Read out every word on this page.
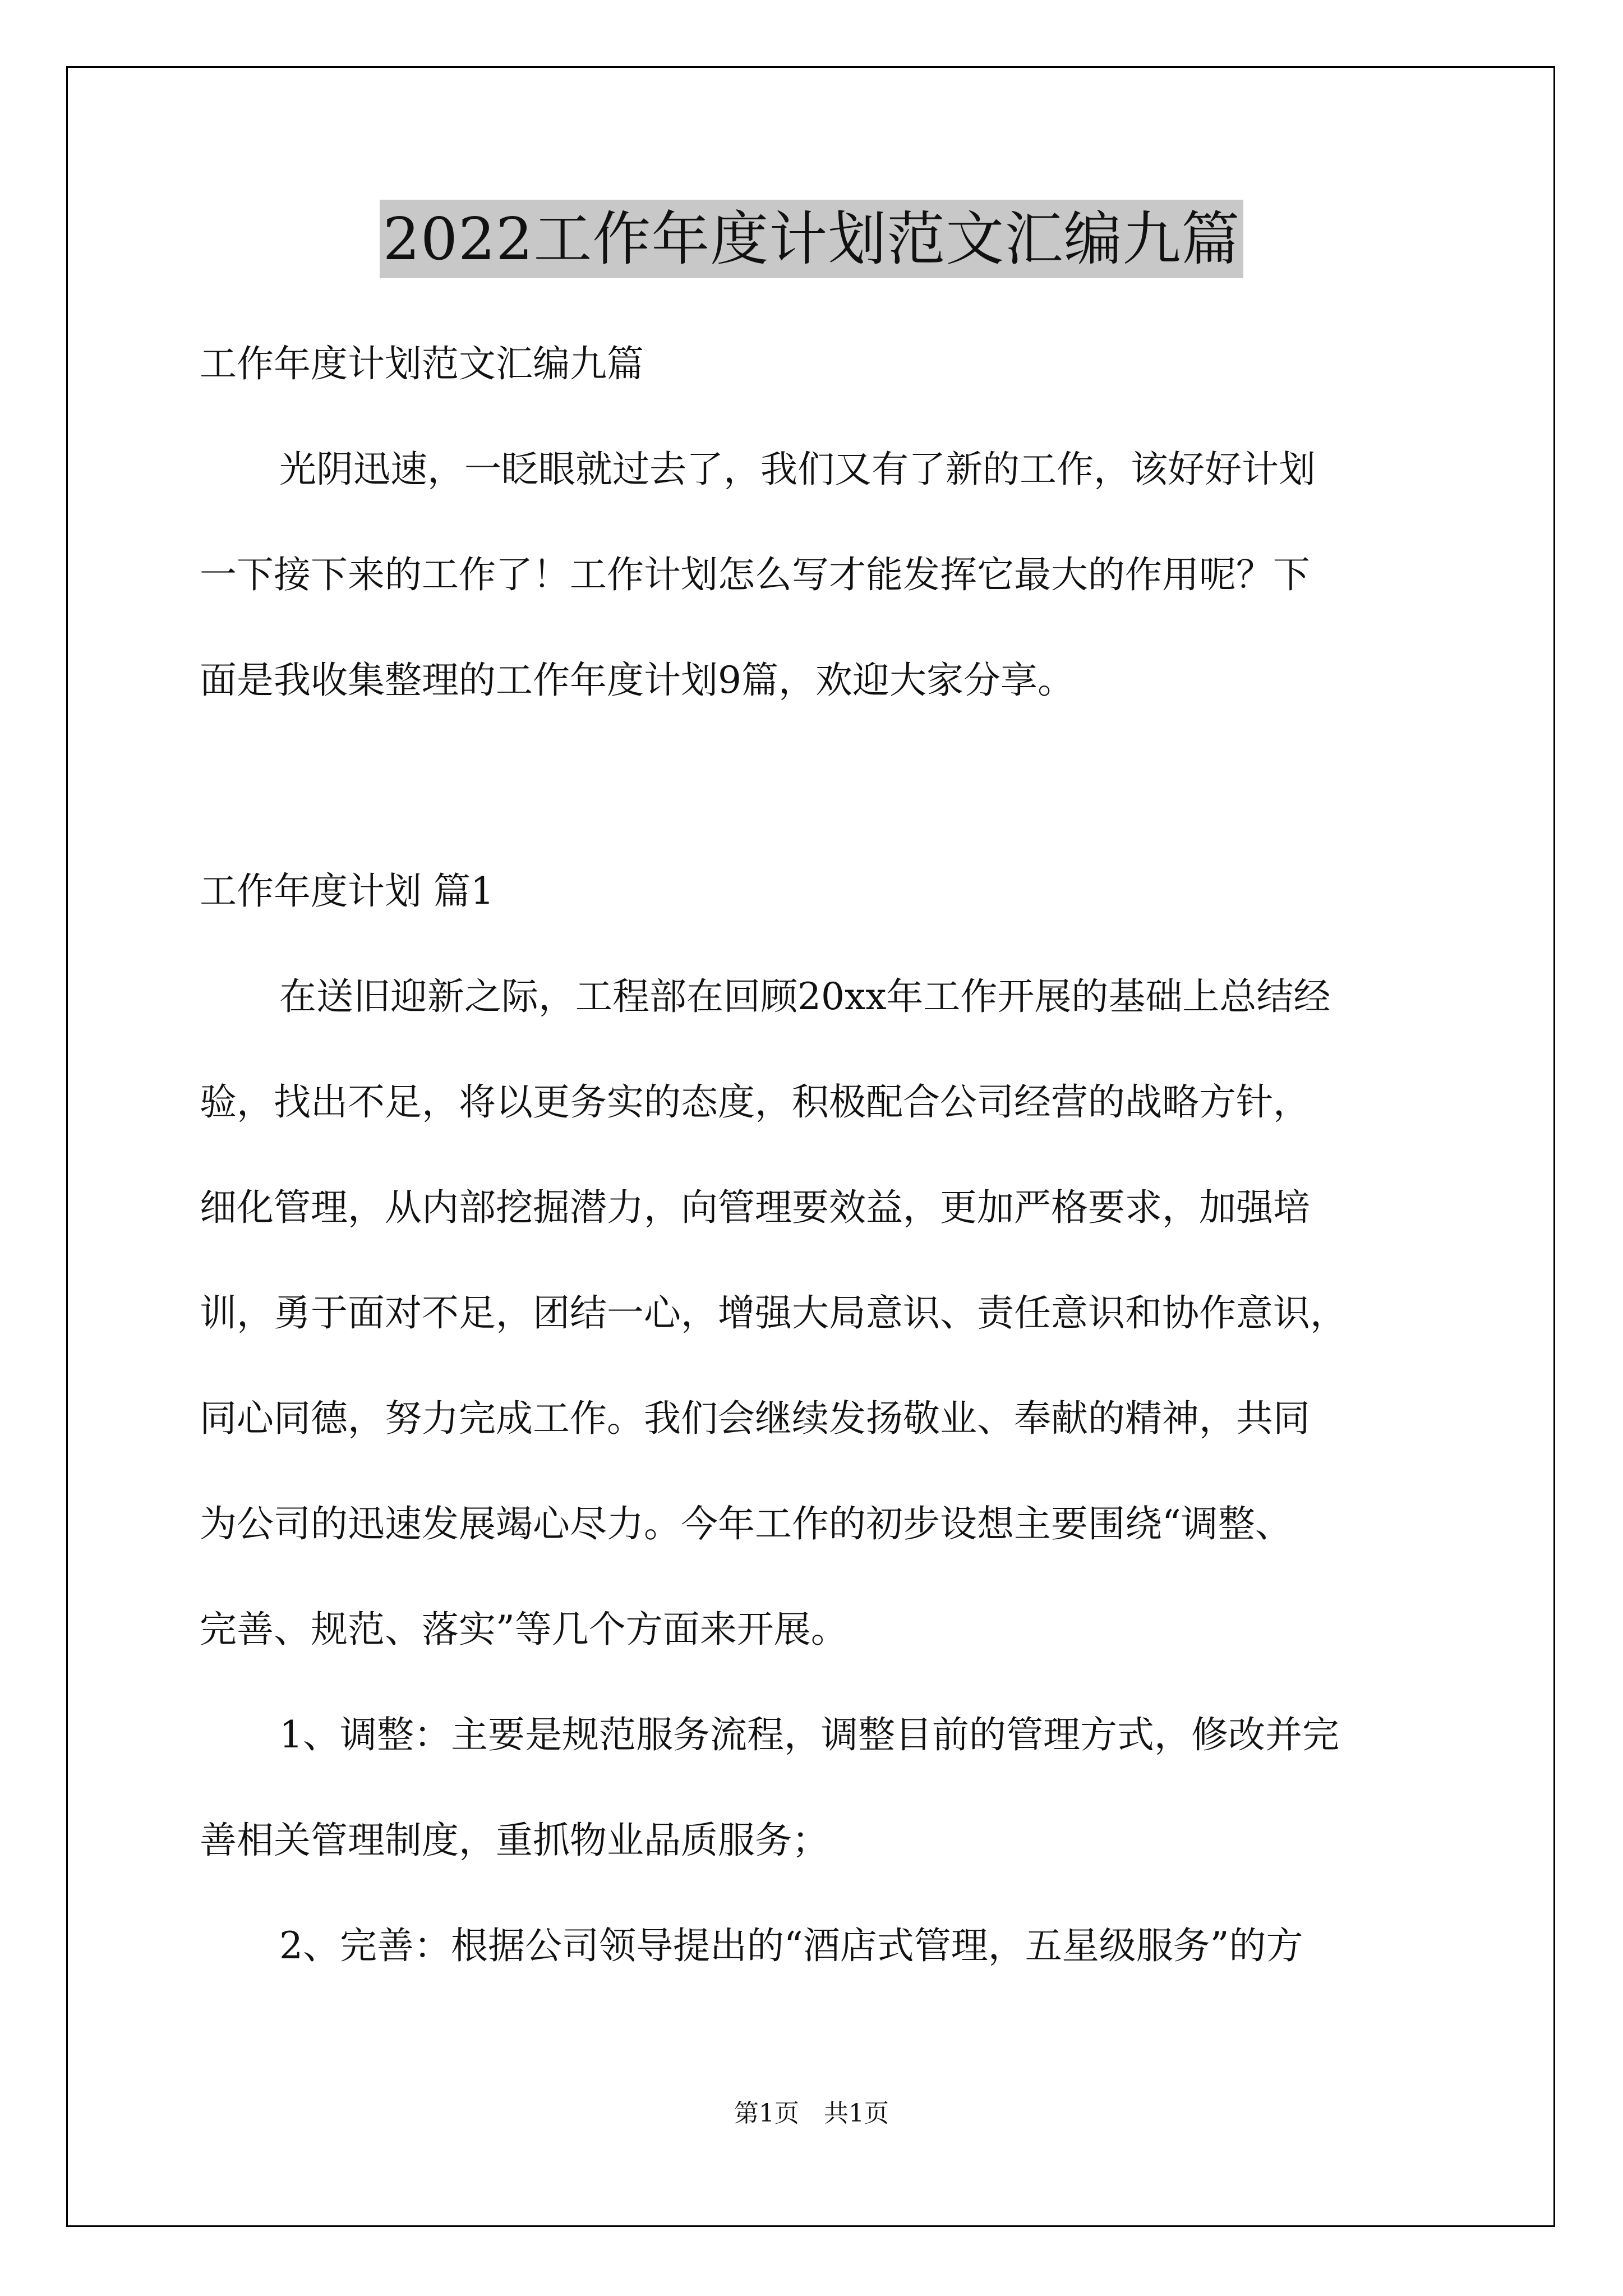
2022工作年度计划范文汇编九篇

工作年度计划范文汇编九篇

光阴迅速，一眨眼就过去了，我们又有了新的工作，该好好计划

一下接下来的工作了！工作计划怎么写才能发挥它最大的作用呢？下

面是我收集整理的工作年度计划9篇，欢迎大家分享。

工作年度计划 篇1

在送旧迎新之际，工程部在回顾20xx年工作开展的基础上总结经

验，找出不足，将以更务实的态度，积极配合公司经营的战略方针，

细化管理，从内部挖掘潜力，向管理要效益，更加严格要求，加强培

训，勇于面对不足，团结一心，增强大局意识、责任意识和协作意识，

同心同德，努力完成工作。我们会继续发扬敬业、奉献的精神，共同

为公司的迅速发展竭心尽力。今年工作的初步设想主要围绕“调整、

完善、规范、落实”等几个方面来开展。

1、调整：主要是规范服务流程，调整目前的管理方式，修改并完

善相关管理制度，重抓物业品质服务；

2、完善：根据公司领导提出的“酒店式管理，五星级服务”的方

第1页　共1页
